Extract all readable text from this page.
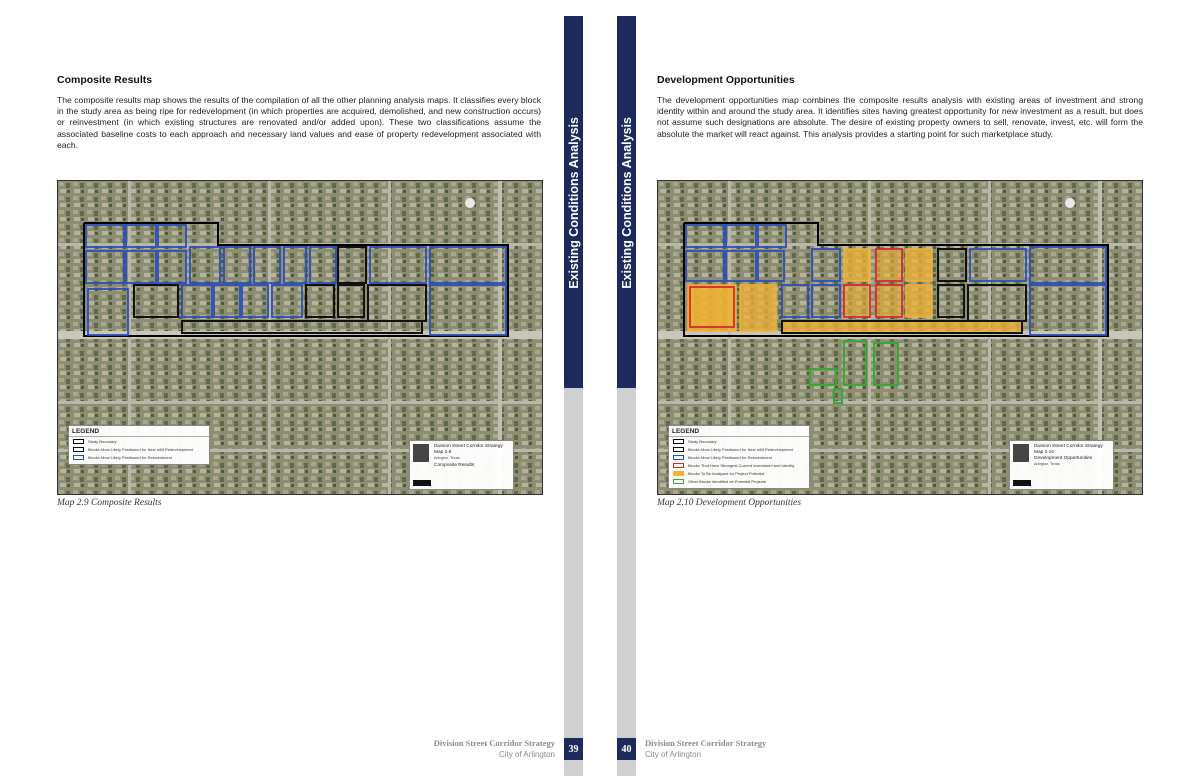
Composite Results
The composite results map shows the results of the compilation of all the other planning analysis maps. It classifies every block in the study area as being ripe for redevelopment (in which properties are acquired, demolished, and new construction occurs) or reinvestment (in which existing structures are renovated and/or added upon). These two classifications assume the associated baseline costs to each approach and necessary land values and ease of property redevelopment associated with each.
LEGEND
Study Boundary
Blocks Most Likely Positioned for New Infill Redevelopment
Blocks Most Likely Positioned for Reinvestment
Division Street Corridor Strategy
Map 2.9
Arlington, Texas
Composite Results
Map 2.9 Composite Results
Existing Conditions Analysis
39
Division Street Corridor Strategy
City of Arlington
Existing Conditions Analysis
40
Division Street Corridor Strategy
City of Arlington
Development Opportunities
The development opportunities map combines the composite results analysis with existing areas of investment and strong identity within and around the study area. It identifies sites having greatest opportunity for new investment as a result, but does not assume such designations are absolute. The desire of existing property owners to sell, renovate, invest, etc. will form the absolute the market will react against. This analysis provides a starting point for such marketplace study.
LEGEND
Study Boundary
Blocks Most Likely Positioned for New Infill Redevelopment
Blocks Most Likely Positioned for Reinvestment
Blocks That Have Strongest Current Investment and Identity
Blocks To Be Analyzed for Project Potential
Other Blocks Identified as Potential Projects
Division Street Corridor Strategy
Map 2.10
Development Opportunities
Arlington, Texas
Map 2.10 Development Opportunities
